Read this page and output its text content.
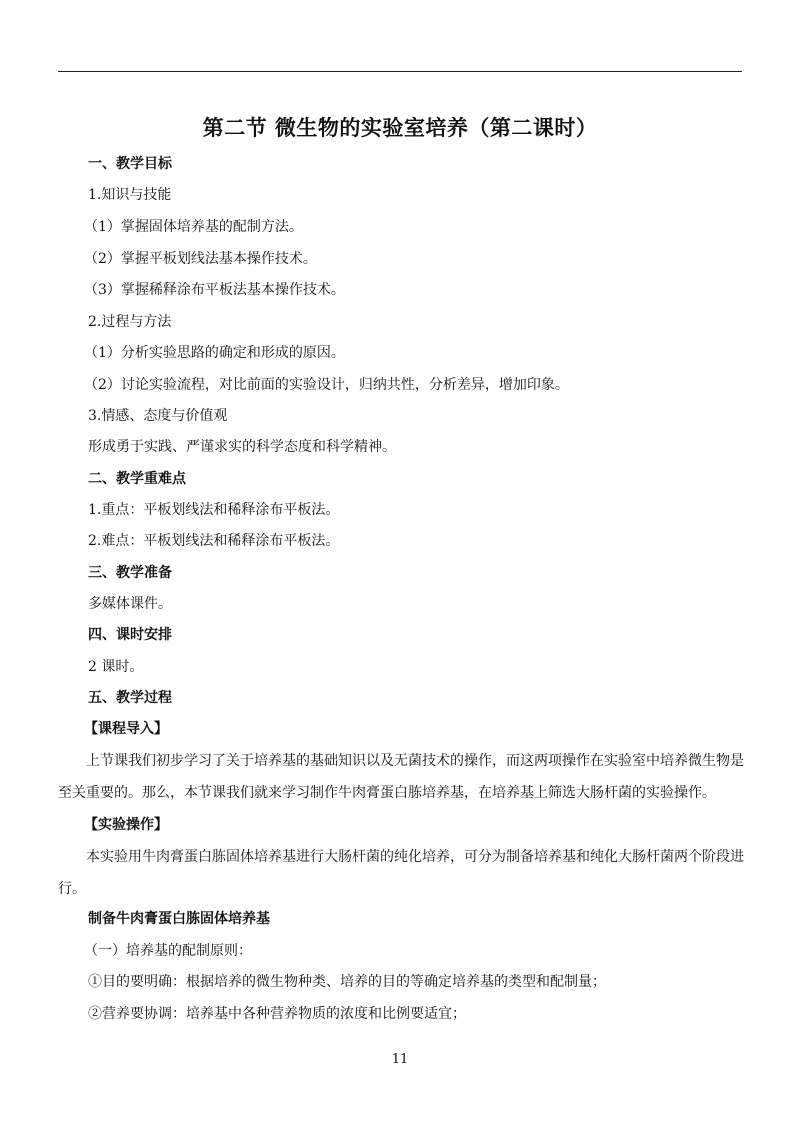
第二节 微生物的实验室培养（第二课时）
一、教学目标
1.知识与技能
（1）掌握固体培养基的配制方法。
（2）掌握平板划线法基本操作技术。
（3）掌握稀释涂布平板法基本操作技术。
2.过程与方法
（1）分析实验思路的确定和形成的原因。
（2）讨论实验流程，对比前面的实验设计，归纳共性，分析差异，增加印象。
3.情感、态度与价值观
形成勇于实践、严谨求实的科学态度和科学精神。
二、教学重难点
1.重点：平板划线法和稀释涂布平板法。
2.难点：平板划线法和稀释涂布平板法。
三、教学准备
多媒体课件。
四、课时安排
2 课时。
五、教学过程
【课程导入】
上节课我们初步学习了关于培养基的基础知识以及无菌技术的操作，而这两项操作在实验室中培养微生物是至关重要的。那么，本节课我们就来学习制作牛肉膏蛋白胨培养基，在培养基上筛选大肠杆菌的实验操作。
【实验操作】
本实验用牛肉膏蛋白胨固体培养基进行大肠杆菌的纯化培养，可分为制备培养基和纯化大肠杆菌两个阶段进行。
制备牛肉膏蛋白胨固体培养基
（一）培养基的配制原则：
①目的要明确：根据培养的微生物种类、培养的目的等确定培养基的类型和配制量；
②营养要协调：培养基中各种营养物质的浓度和比例要适宜；
11
